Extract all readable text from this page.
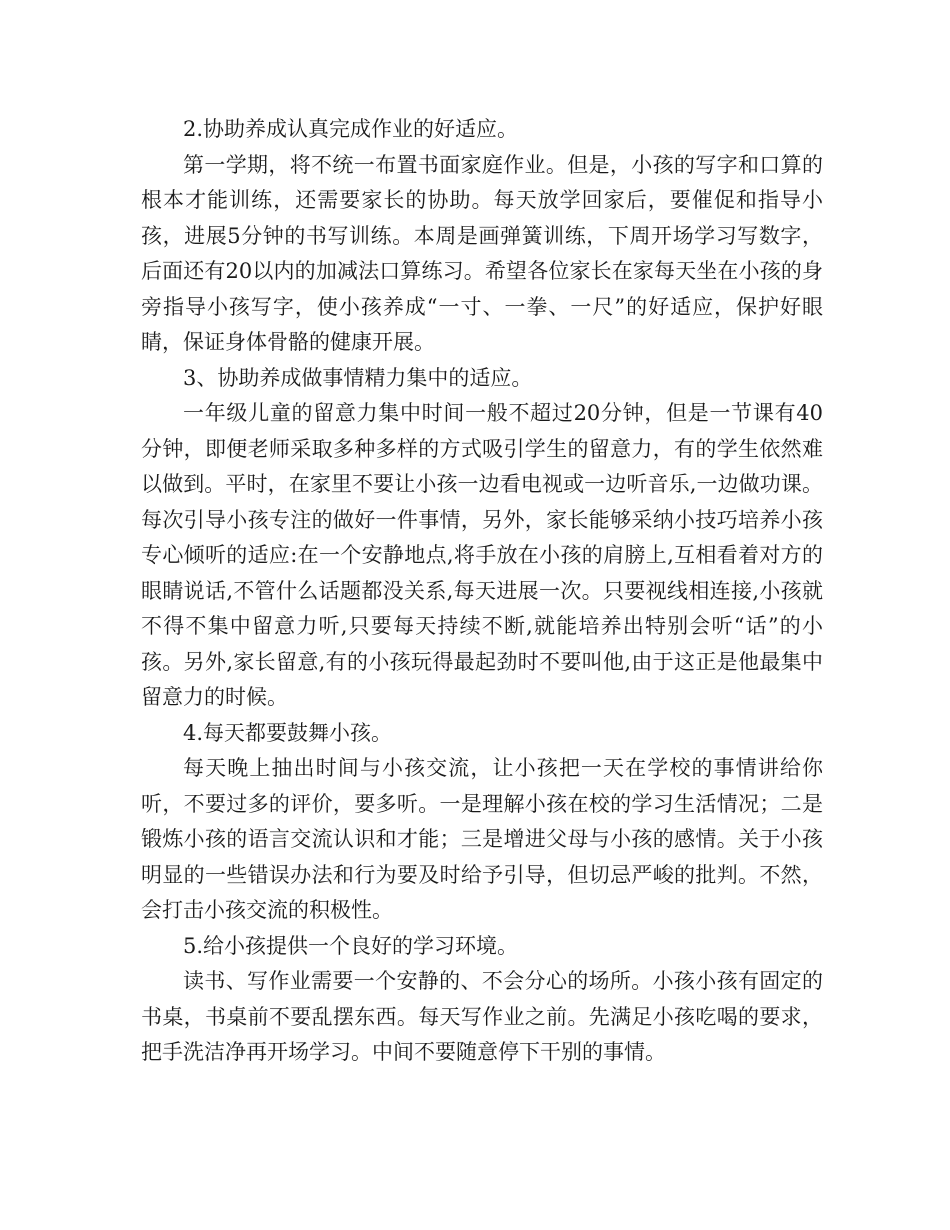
2.协助养成认真完成作业的好适应。

第一学期，将不统一布置书面家庭作业。但是，小孩的写字和口算的根本才能训练，还需要家长的协助。每天放学回家后，要催促和指导小孩，进展5分钟的书写训练。本周是画弹簧训练，下周开场学习写数字，后面还有20以内的加减法口算练习。希望各位家长在家每天坐在小孩的身旁指导小孩写字，使小孩养成“一寸、一拳、一尺”的好适应，保护好眼睛，保证身体骨骼的健康开展。

3、协助养成做事情精力集中的适应。

一年级儿童的留意力集中时间一般不超过20分钟，但是一节课有40分钟，即便老师采取多种多样的方式吸引学生的留意力，有的学生依然难以做到。平时，在家里不要让小孩一边看电视或一边听音乐,一边做功课。每次引导小孩专注的做好一件事情，另外，家长能够采纳小技巧培养小孩专心倾听的适应:在一个安静地点,将手放在小孩的肩膀上,互相看着对方的眼睛说话,不管什么话题都没关系,每天进展一次。只要视线相连接,小孩就不得不集中留意力听,只要每天持续不断,就能培养出特别会听“话”的小孩。另外,家长留意,有的小孩玩得最起劲时不要叫他,由于这正是他最集中留意力的时候。

4.每天都要鼓舞小孩。

每天晚上抽出时间与小孩交流，让小孩把一天在学校的事情讲给你听，不要过多的评价，要多听。一是理解小孩在校的学习生活情况；二是锻炼小孩的语言交流认识和才能；三是增进父母与小孩的感情。关于小孩明显的一些错误办法和行为要及时给予引导，但切忌严峻的批判。不然，会打击小孩交流的积极性。

5.给小孩提供一个良好的学习环境。

读书、写作业需要一个安静的、不会分心的场所。小孩小孩有固定的书桌，书桌前不要乱摆东西。每天写作业之前。先满足小孩吃喝的要求，把手洗洁净再开场学习。中间不要随意停下干别的事情。
